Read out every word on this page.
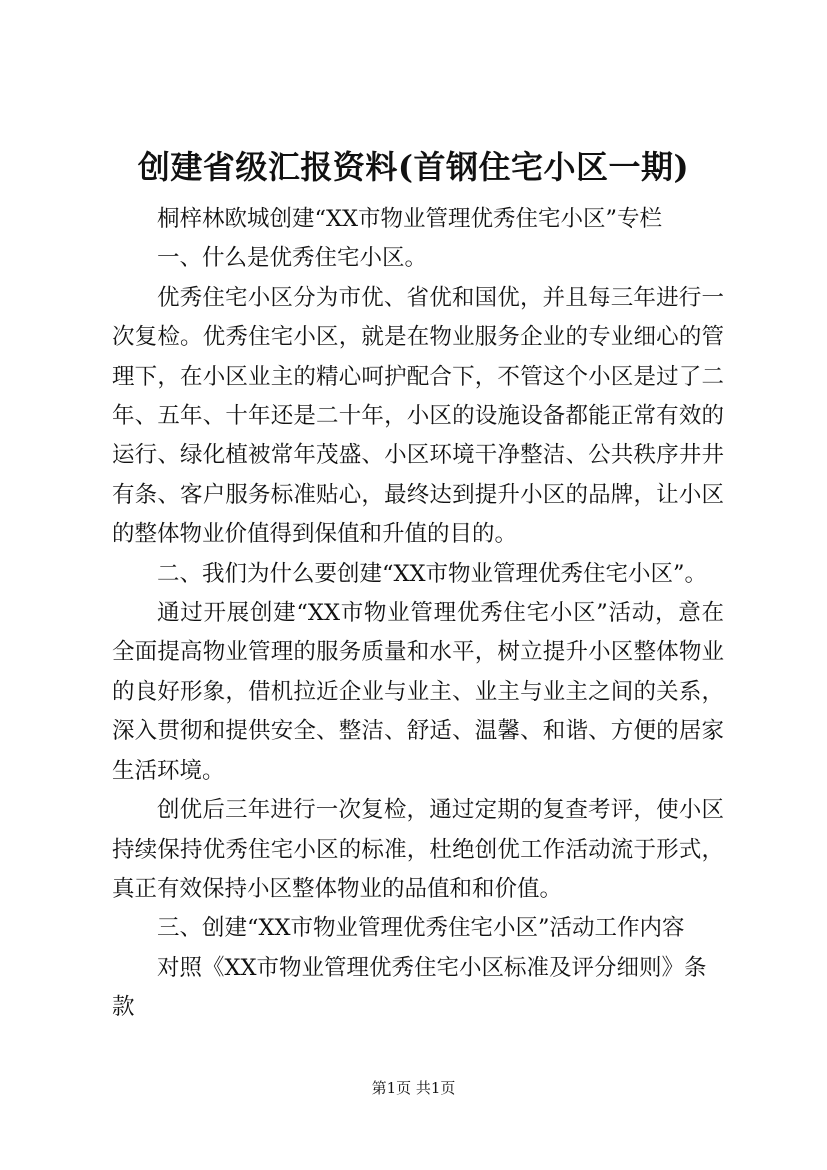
创建省级汇报资料(首钢住宅小区一期)

桐梓林欧城创建“XX市物业管理优秀住宅小区”专栏

一、什么是优秀住宅小区。

优秀住宅小区分为市优、省优和国优，并且每三年进行一次复检。优秀住宅小区，就是在物业服务企业的专业细心的管理下，在小区业主的精心呵护配合下，不管这个小区是过了二年、五年、十年还是二十年，小区的设施设备都能正常有效的运行、绿化植被常年茂盛、小区环境干净整洁、公共秩序井井有条、客户服务标准贴心，最终达到提升小区的品牌，让小区的整体物业价值得到保值和升值的目的。

二、我们为什么要创建“XX市物业管理优秀住宅小区”。

通过开展创建“XX市物业管理优秀住宅小区”活动，意在全面提高物业管理的服务质量和水平，树立提升小区整体物业的良好形象，借机拉近企业与业主、业主与业主之间的关系，深入贯彻和提供安全、整洁、舒适、温馨、和谐、方便的居家生活环境。

创优后三年进行一次复检，通过定期的复查考评，使小区持续保持优秀住宅小区的标准，杜绝创优工作活动流于形式，真正有效保持小区整体物业的品值和和价值。

三、创建“XX市物业管理优秀住宅小区”活动工作内容

对照《XX市物业管理优秀住宅小区标准及评分细则》条款

第1页 共1页
